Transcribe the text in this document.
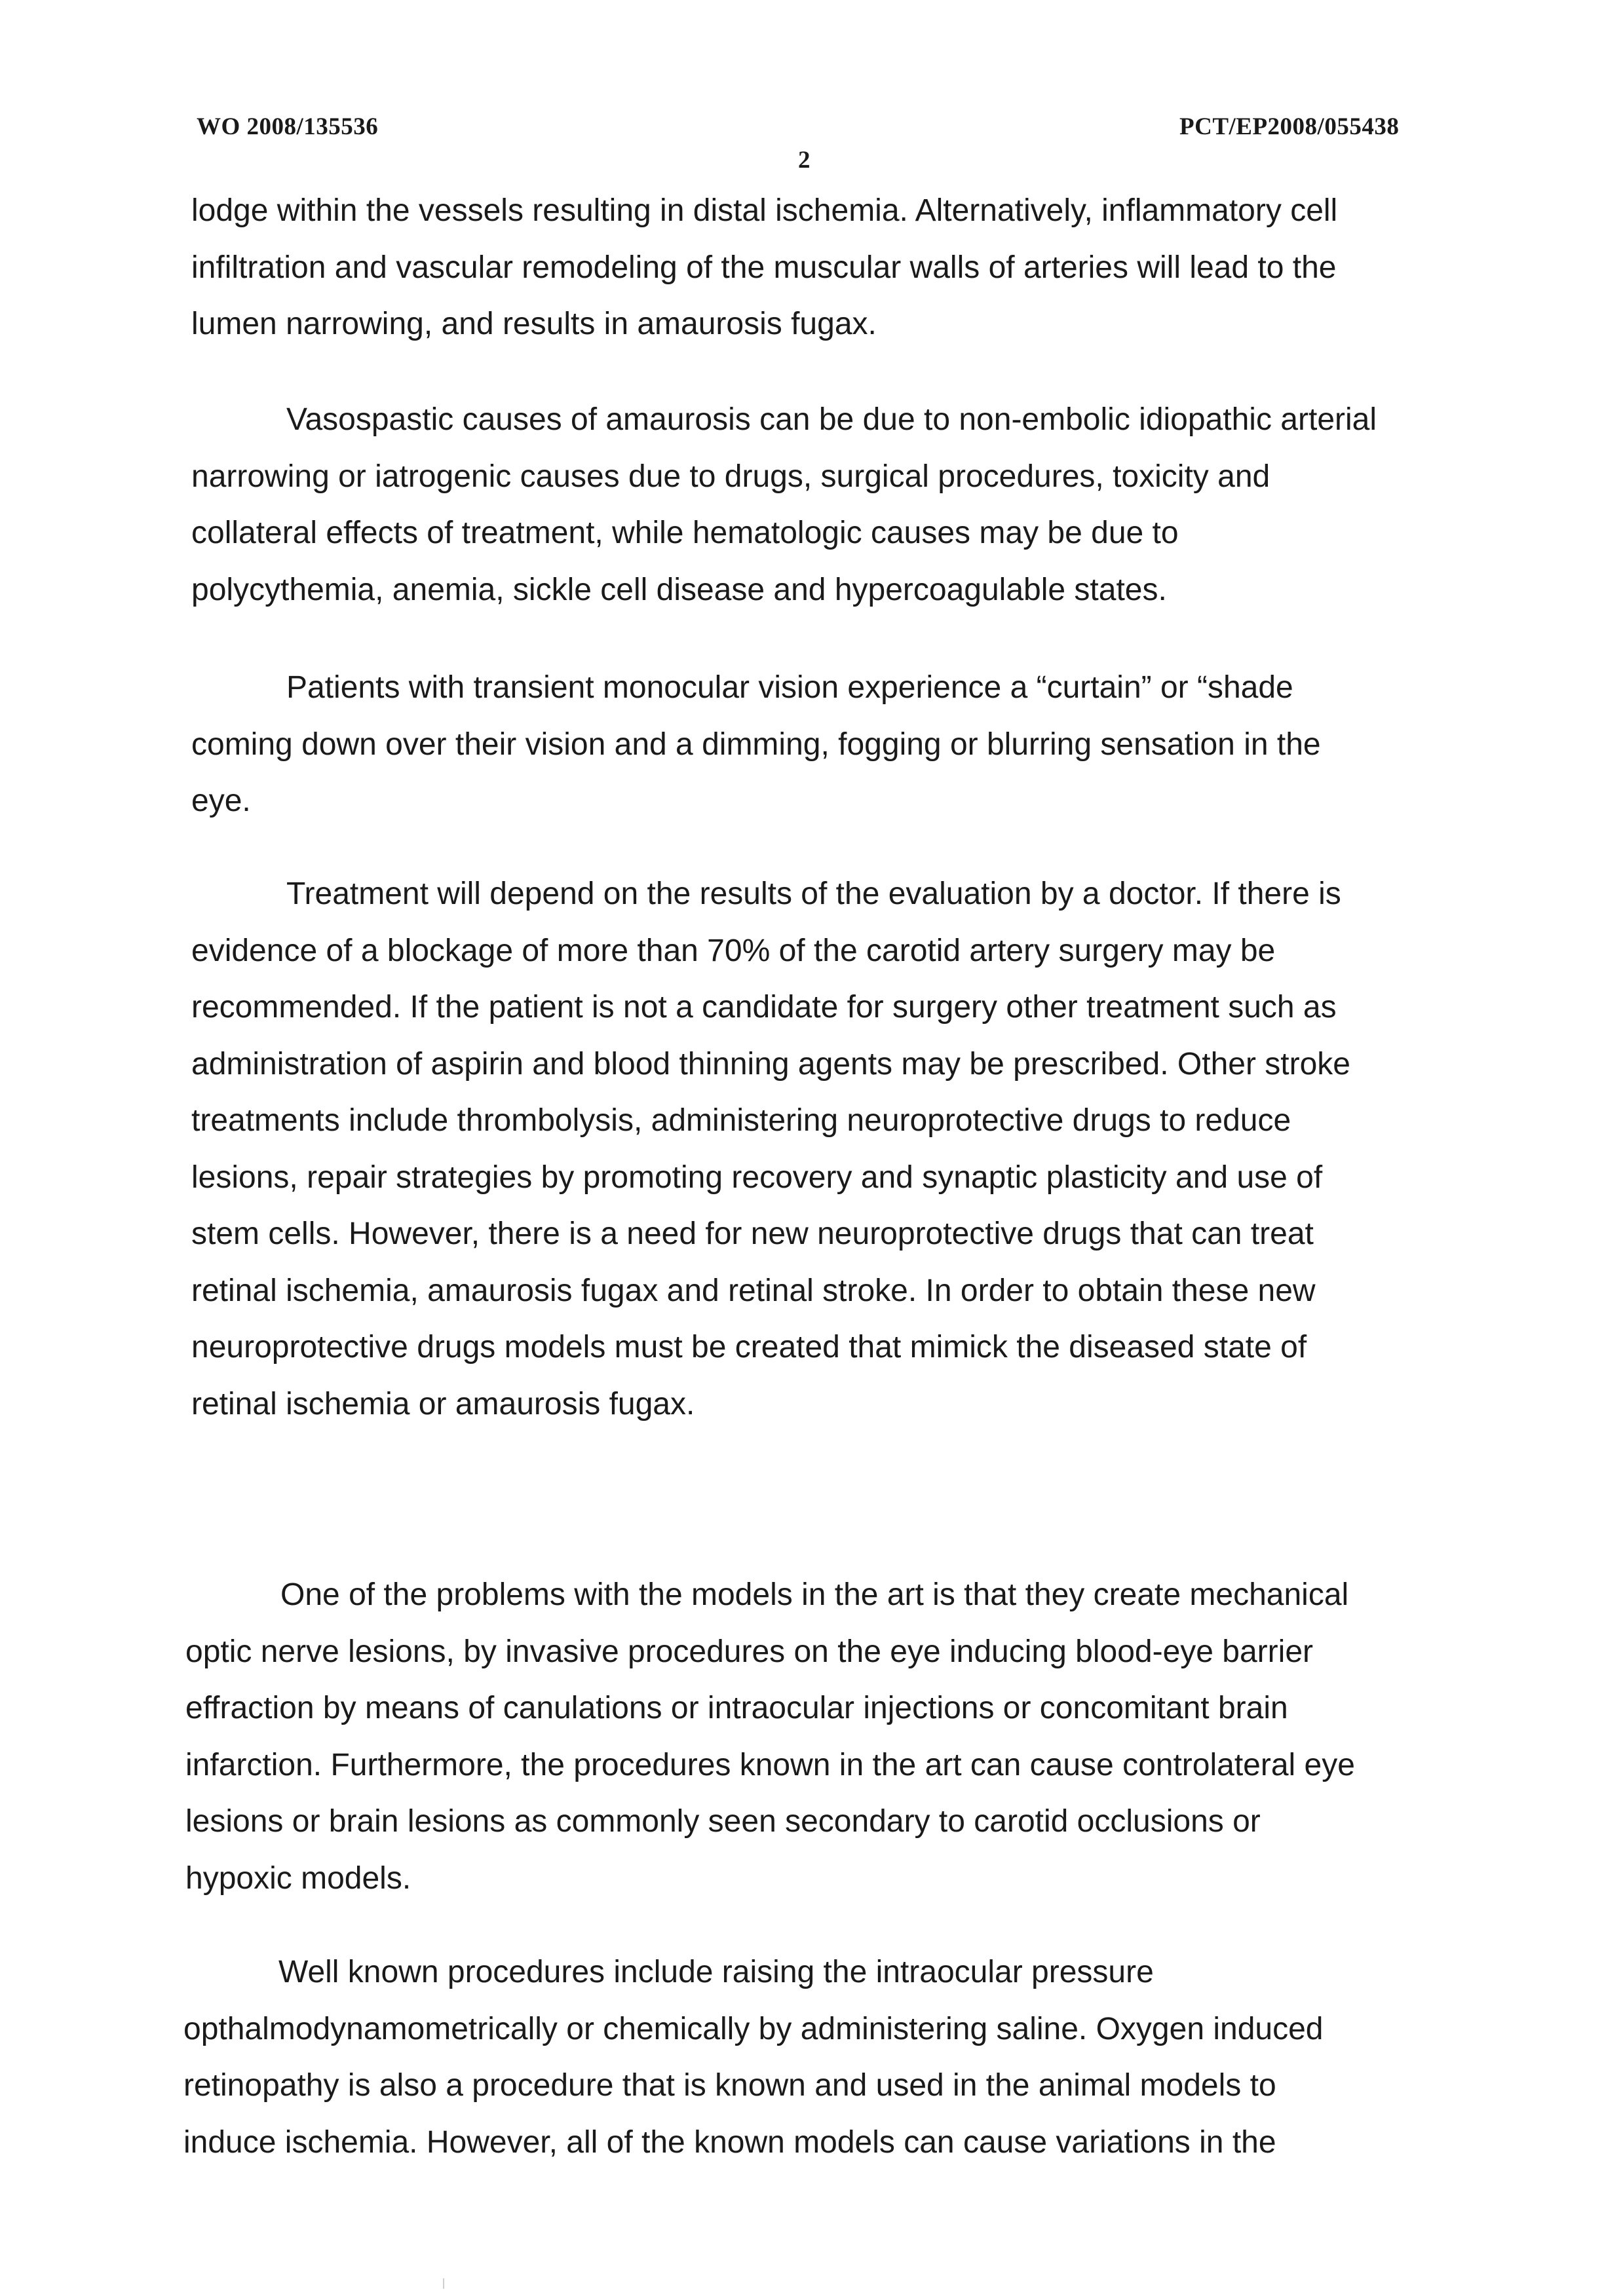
WO 2008/135536	PCT/EP2008/055438
2

lodge within the vessels resulting in distal ischemia. Alternatively, inflammatory cell
infiltration and vascular remodeling of the muscular walls of arteries will lead to the
lumen narrowing, and results in amaurosis fugax.

Vasospastic causes of amaurosis can be due to non-embolic idiopathic arterial
narrowing or iatrogenic causes due to drugs, surgical procedures, toxicity and
collateral effects of treatment, while hematologic causes may be due to
polycythemia, anemia, sickle cell disease and hypercoagulable states.

Patients with transient monocular vision experience a “curtain” or “shade
coming down over their vision and a dimming, fogging or blurring sensation in the
eye.

Treatment will depend on the results of the evaluation by a doctor. If there is
evidence of a blockage of more than 70% of the carotid artery surgery may be
recommended. If the patient is not a candidate for surgery other treatment such as
administration of aspirin and blood thinning agents may be prescribed. Other stroke
treatments include thrombolysis, administering neuroprotective drugs to reduce
lesions, repair strategies by promoting recovery and synaptic plasticity and use of
stem cells. However, there is a need for new neuroprotective drugs that can treat
retinal ischemia, amaurosis fugax and retinal stroke. In order to obtain these new
neuroprotective drugs models must be created that mimick the diseased state of
retinal ischemia or amaurosis fugax.

One of the problems with the models in the art is that they create mechanical
optic nerve lesions, by invasive procedures on the eye inducing blood-eye barrier
effraction by means of canulations or intraocular injections or concomitant brain
infarction. Furthermore, the procedures known in the art can cause controlateral eye
lesions or brain lesions as commonly seen secondary to carotid occlusions or
hypoxic models.

Well known procedures include raising the intraocular pressure
opthalmodynamometrically or chemically by administering saline. Oxygen induced
retinopathy is also a procedure that is known and used in the animal models to
induce ischemia. However, all of the known models can cause variations in the
